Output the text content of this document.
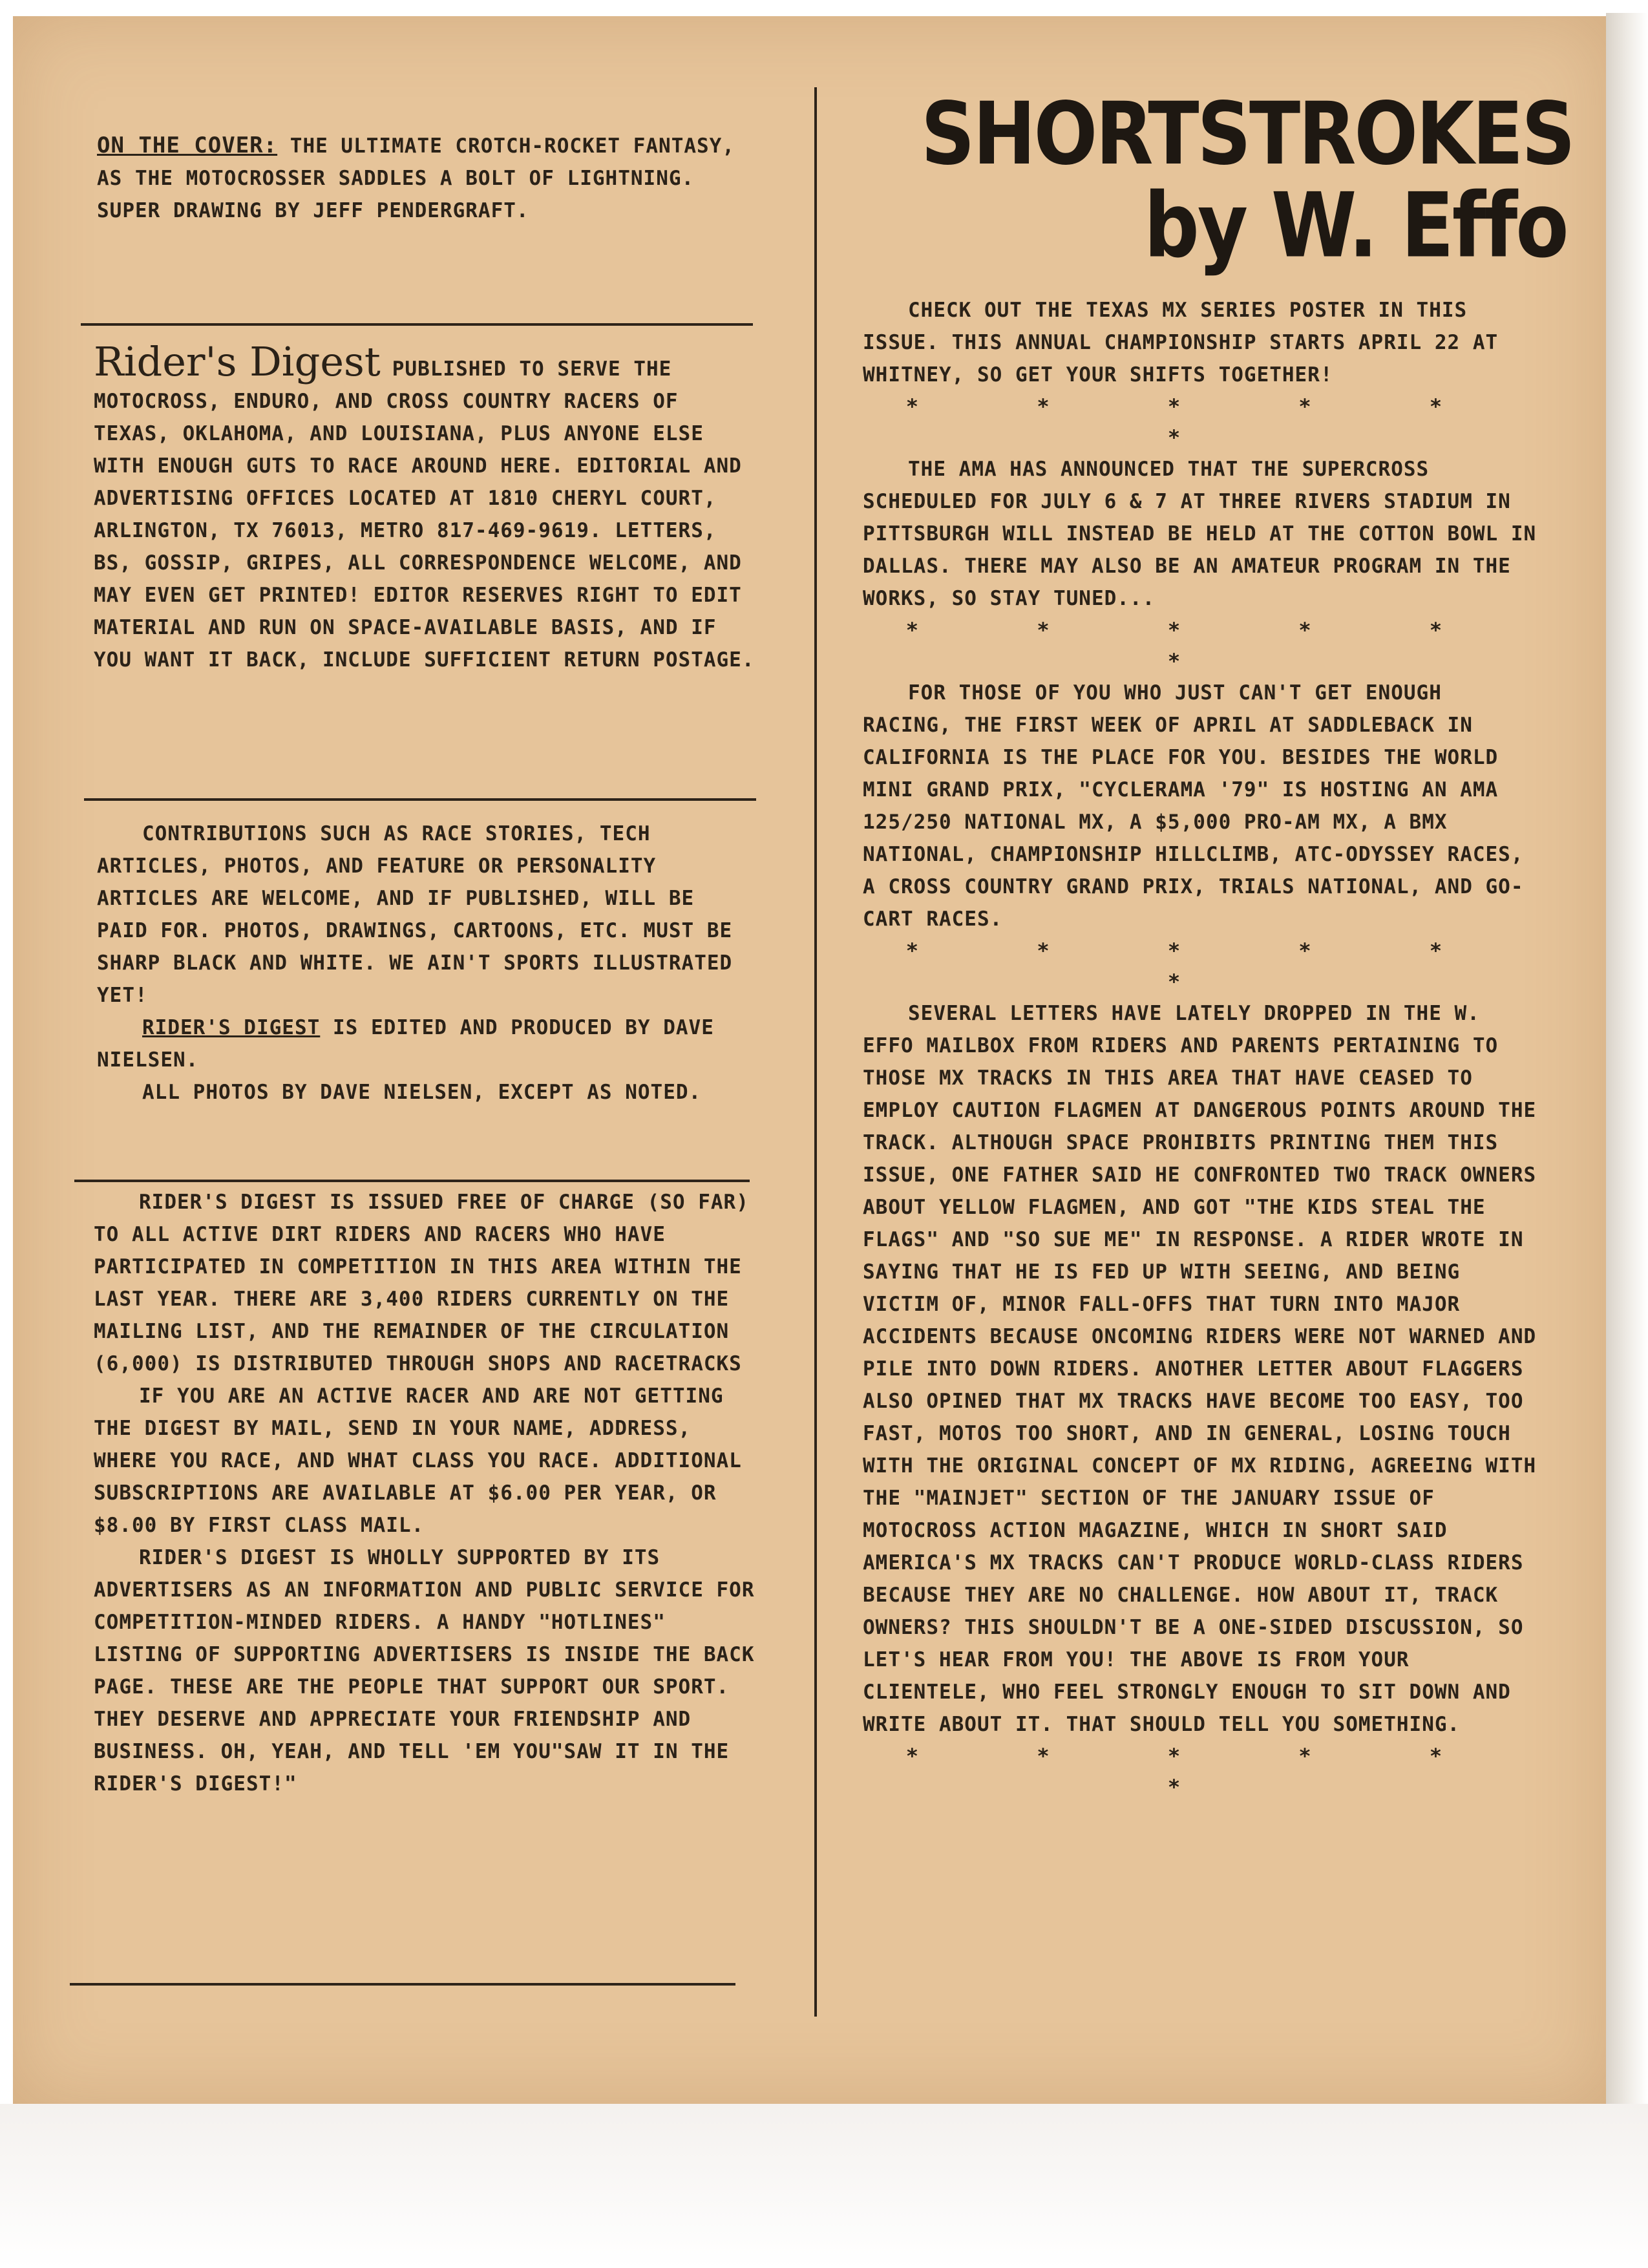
ON THE COVER: THE ULTIMATE CROTCH-ROCKET FANTASY, AS THE MOTOCROSSER SADDLES A BOLT OF LIGHTNING. SUPER DRAWING BY JEFF PENDERGRAFT.
Rider's Digest PUBLISHED TO SERVE THE MOTOCROSS, ENDURO, AND CROSS COUNTRY RACERS OF TEXAS, OKLAHOMA, AND LOUISIANA, PLUS ANYONE ELSE WITH ENOUGH GUTS TO RACE AROUND HERE. EDITORIAL AND ADVERTISING OFFICES LOCATED AT 1810 CHERYL COURT, ARLINGTON, TX 76013, METRO 817-469-9619. LETTERS, BS, GOSSIP, GRIPES, ALL CORRESPONDENCE WELCOME, AND MAY EVEN GET PRINTED! EDITOR RESERVES RIGHT TO EDIT MATERIAL AND RUN ON SPACE-AVAILABLE BASIS, AND IF YOU WANT IT BACK, INCLUDE SUFFICIENT RETURN POSTAGE.

CONTRIBUTIONS SUCH AS RACE STORIES, TECH ARTICLES, PHOTOS, AND FEATURE OR PERSONALITY ARTICLES ARE WELCOME, AND IF PUBLISHED, WILL BE PAID FOR. PHOTOS, DRAWINGS, CARTOONS, ETC. MUST BE SHARP BLACK AND WHITE. WE AIN'T SPORTS ILLUSTRATED YET!

RIDER'S DIGEST IS EDITED AND PRODUCED BY DAVE NIELSEN.

ALL PHOTOS BY DAVE NIELSEN, EXCEPT AS NOTED.

RIDER'S DIGEST IS ISSUED FREE OF CHARGE (SO FAR) TO ALL ACTIVE DIRT RIDERS AND RACERS WHO HAVE PARTICIPATED IN COMPETITION IN THIS AREA WITHIN THE LAST YEAR. THERE ARE 3,400 RIDERS CURRENTLY ON THE MAILING LIST, AND THE REMAINDER OF THE CIRCULATION (6,000) IS DISTRIBUTED THROUGH SHOPS AND RACETRACKS

IF YOU ARE AN ACTIVE RACER AND ARE NOT GETTING THE DIGEST BY MAIL, SEND IN YOUR NAME, ADDRESS, WHERE YOU RACE, AND WHAT CLASS YOU RACE. ADDITIONAL SUBSCRIPTIONS ARE AVAILABLE AT $6.00 PER YEAR, OR $8.00 BY FIRST CLASS MAIL.

RIDER'S DIGEST IS WHOLLY SUPPORTED BY ITS ADVERTISERS AS AN INFORMATION AND PUBLIC SERVICE FOR COMPETITION-MINDED RIDERS. A HANDY "HOTLINES" LISTING OF SUPPORTING ADVERTISERS IS INSIDE THE BACK PAGE. THESE ARE THE PEOPLE THAT SUPPORT OUR SPORT. THEY DESERVE AND APPRECIATE YOUR FRIENDSHIP AND BUSINESS. OH, YEAH, AND TELL 'EM YOU"SAW IT IN THE RIDER'S DIGEST!"

SHORTSTROKES
by W. Effo

CHECK OUT THE TEXAS MX SERIES POSTER IN THIS ISSUE. THIS ANNUAL CHAMPIONSHIP STARTS APRIL 22 AT WHITNEY, SO GET YOUR SHIFTS TOGETHER!

* * * * * *

THE AMA HAS ANNOUNCED THAT THE SUPERCROSS SCHEDULED FOR JULY 6 & 7 AT THREE RIVERS STADIUM IN PITTSBURGH WILL INSTEAD BE HELD AT THE COTTON BOWL IN DALLAS. THERE MAY ALSO BE AN AMATEUR PROGRAM IN THE WORKS, SO STAY TUNED...

* * * * * *

FOR THOSE OF YOU WHO JUST CAN'T GET ENOUGH RACING, THE FIRST WEEK OF APRIL AT SADDLEBACK IN CALIFORNIA IS THE PLACE FOR YOU. BESIDES THE WORLD MINI GRAND PRIX, "CYCLERAMA '79" IS HOSTING AN AMA 125/250 NATIONAL MX, A $5,000 PRO-AM MX, A BMX NATIONAL, CHAMPIONSHIP HILLCLIMB, ATC-ODYSSEY RACES, A CROSS COUNTRY GRAND PRIX, TRIALS NATIONAL, AND GO-CART RACES.

* * * * * *

SEVERAL LETTERS HAVE LATELY DROPPED IN THE W. EFFO MAILBOX FROM RIDERS AND PARENTS PERTAINING TO THOSE MX TRACKS IN THIS AREA THAT HAVE CEASED TO EMPLOY CAUTION FLAGMEN AT DANGEROUS POINTS AROUND THE TRACK. ALTHOUGH SPACE PROHIBITS PRINTING THEM THIS ISSUE, ONE FATHER SAID HE CONFRONTED TWO TRACK OWNERS ABOUT YELLOW FLAGMEN, AND GOT "THE KIDS STEAL THE FLAGS" AND "SO SUE ME" IN RESPONSE. A RIDER WROTE IN SAYING THAT HE IS FED UP WITH SEEING, AND BEING VICTIM OF, MINOR FALL-OFFS THAT TURN INTO MAJOR ACCIDENTS BECAUSE ONCOMING RIDERS WERE NOT WARNED AND PILE INTO DOWN RIDERS. ANOTHER LETTER ABOUT FLAGGERS ALSO OPINED THAT MX TRACKS HAVE BECOME TOO EASY, TOO FAST, MOTOS TOO SHORT, AND IN GENERAL, LOSING TOUCH WITH THE ORIGINAL CONCEPT OF MX RIDING, AGREEING WITH THE "MAINJET" SECTION OF THE JANUARY ISSUE OF MOTOCROSS ACTION MAGAZINE, WHICH IN SHORT SAID AMERICA'S MX TRACKS CAN'T PRODUCE WORLD-CLASS RIDERS BECAUSE THEY ARE NO CHALLENGE. HOW ABOUT IT, TRACK OWNERS? THIS SHOULDN'T BE A ONE-SIDED DISCUSSION, SO LET'S HEAR FROM YOU! THE ABOVE IS FROM YOUR CLIENTELE, WHO FEEL STRONGLY ENOUGH TO SIT DOWN AND WRITE ABOUT IT. THAT SHOULD TELL YOU SOMETHING.

* * * * * *
